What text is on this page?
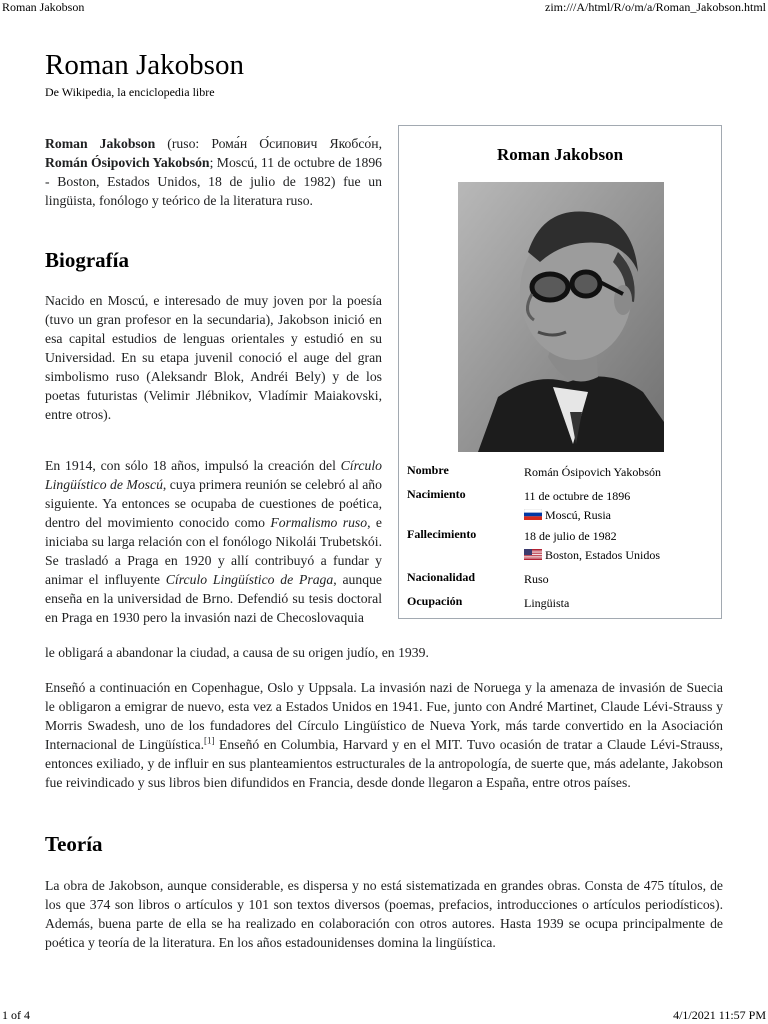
Roman Jakobson	zim:///A/html/R/o/m/a/Roman_Jakobson.html
Roman Jakobson
De Wikipedia, la enciclopedia libre

Roman Jakobson (ruso: Рома́н О́сипович Якобсо́н, Román Ósipovich Yakobsón; Moscú, 11 de octubre de 1896 - Boston, Estados Unidos, 18 de julio de 1982) fue un lingüista, fonólogo y teórico de la literatura ruso.

Biografía

Nacido en Moscú, e interesado de muy joven por la poesía (tuvo un gran profesor en la secundaria), Jakobson inició en esa capital estudios de lenguas orientales y estudió en su Universidad. En su etapa juvenil conoció el auge del gran simbolismo ruso (Aleksandr Blok, Andréi Bely) y de los poetas futuristas (Velimir Jlébnikov, Vladímir Maiakovski, entre otros).

En 1914, con sólo 18 años, impulsó la creación del Círculo Lingüístico de Moscú, cuya primera reunión se celebró al año siguiente. Ya entonces se ocupaba de cuestiones de poética, dentro del movimiento conocido como Formalismo ruso, e iniciaba su larga relación con el fonólogo Nikolái Trubetskói. Se trasladó a Praga en 1920 y allí contribuyó a fundar y animar el influyente Círculo Lingüístico de Praga, aunque enseña en la universidad de Brno. Defendió su tesis doctoral en Praga en 1930 pero la invasión nazi de Checoslovaquia

le obligará a abandonar la ciudad, a causa de su origen judío, en 1939.

Enseñó a continuación en Copenhague, Oslo y Uppsala. La invasión nazi de Noruega y la amenaza de invasión de Suecia le obligaron a emigrar de nuevo, esta vez a Estados Unidos en 1941. Fue, junto con André Martinet, Claude Lévi-Strauss y Morris Swadesh, uno de los fundadores del Círculo Lingüístico de Nueva York, más tarde convertido en la Asociación Internacional de Lingüística.[1] Enseñó en Columbia, Harvard y en el MIT. Tuvo ocasión de tratar a Claude Lévi-Strauss, entonces exiliado, y de influir en sus planteamientos estructurales de la antropología, de suerte que, más adelante, Jakobson fue reivindicado y sus libros bien difundidos en Francia, desde donde llegaron a España, entre otros países.

Teoría

La obra de Jakobson, aunque considerable, es dispersa y no está sistematizada en grandes obras. Consta de 475 títulos, de los que 374 son libros o artículos y 101 son textos diversos (poemas, prefacios, introducciones o artículos periodísticos). Además, buena parte de ella se ha realizado en colaboración con otros autores. Hasta 1939 se ocupa principalmente de poética y teoría de la literatura. En los años estadounidenses domina la lingüística.

Roman Jakobson
Nombre	Román Ósipovich Yakobsón
Nacimiento	11 de octubre de 1896
Moscú, Rusia
Fallecimiento	18 de julio de 1982
Boston, Estados Unidos
Nacionalidad	Ruso
Ocupación	Lingüista
1 of 4	4/1/2021 11:57 PM
